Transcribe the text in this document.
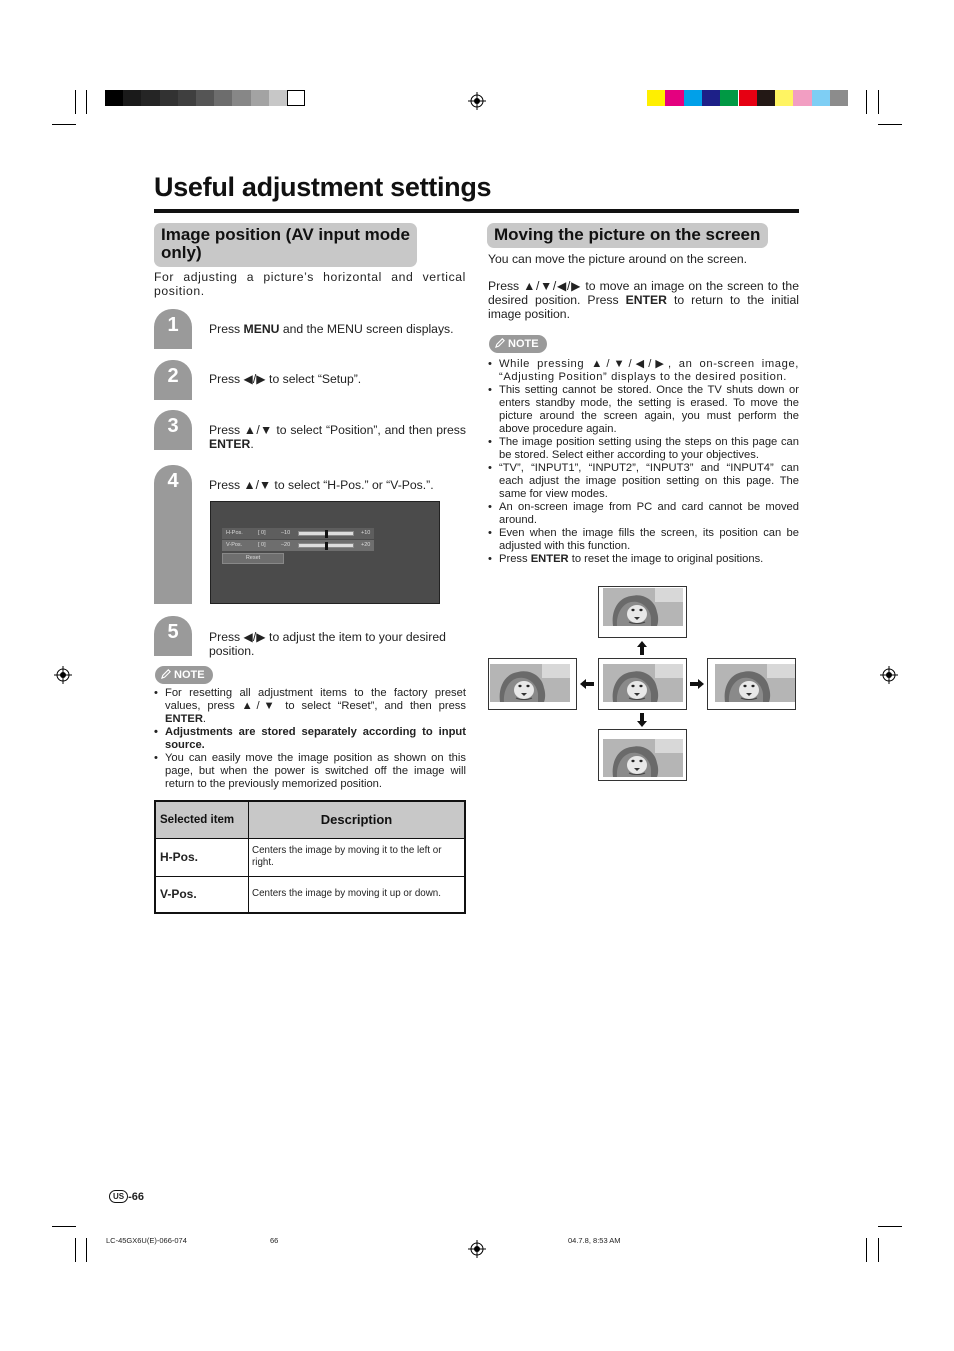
Useful adjustment settings
Image position (AV input mode only)
For adjusting a picture’s horizontal and vertical position.
1
2
3
4
5
Press MENU and the MENU screen displays.
Press ◀/▶ to select “Setup”.
Press ▲/▼ to select “Position”, and then press ENTER.
Press ▲/▼ to select “H-Pos.” or “V-Pos.”.
Press ◀/▶ to adjust the item to your desired position.
H-Pos.	[ 0]	–10	+10
V-Pos.	[ 0]	–20	+20
Reset
NOTE
• For resetting all adjustment items to the factory preset values, press ▲/▼ to select “Reset”, and then press ENTER.
• Adjustments are stored separately according to input source.
• You can easily move the image position as shown on this page, but when the power is switched off the image will return to the previously memorized position.
Selected item	Description
H-Pos.	Centers the image by moving it to the left or right.
V-Pos.	Centers the image by moving it up or down.
Moving the picture on the screen
You can move the picture around on the screen.
Press ▲/▼/◀/▶ to move an image on the screen to the desired position. Press ENTER to return to the initial image position.
NOTE
• While pressing ▲/▼/◀/▶, an on-screen image, “Adjusting Position” displays to the desired position.
• This setting cannot be stored. Once the TV shuts down or enters standby mode, the setting is erased. To move the picture around the screen again, you must perform the above procedure again.
• The image position setting using the steps on this page can be stored. Select either according to your objectives.
• “TV”, “INPUT1”, “INPUT2”, “INPUT3” and “INPUT4” can each adjust the image position setting on this page. The same for view modes.
• An on-screen image from PC and card cannot be moved around.
• Even when the image fills the screen, its position can be adjusted with this function.
• Press ENTER to reset the image to original positions.
US -66
LC-45GX6U(E)-066-074	66	04.7.8, 8:53 AM
